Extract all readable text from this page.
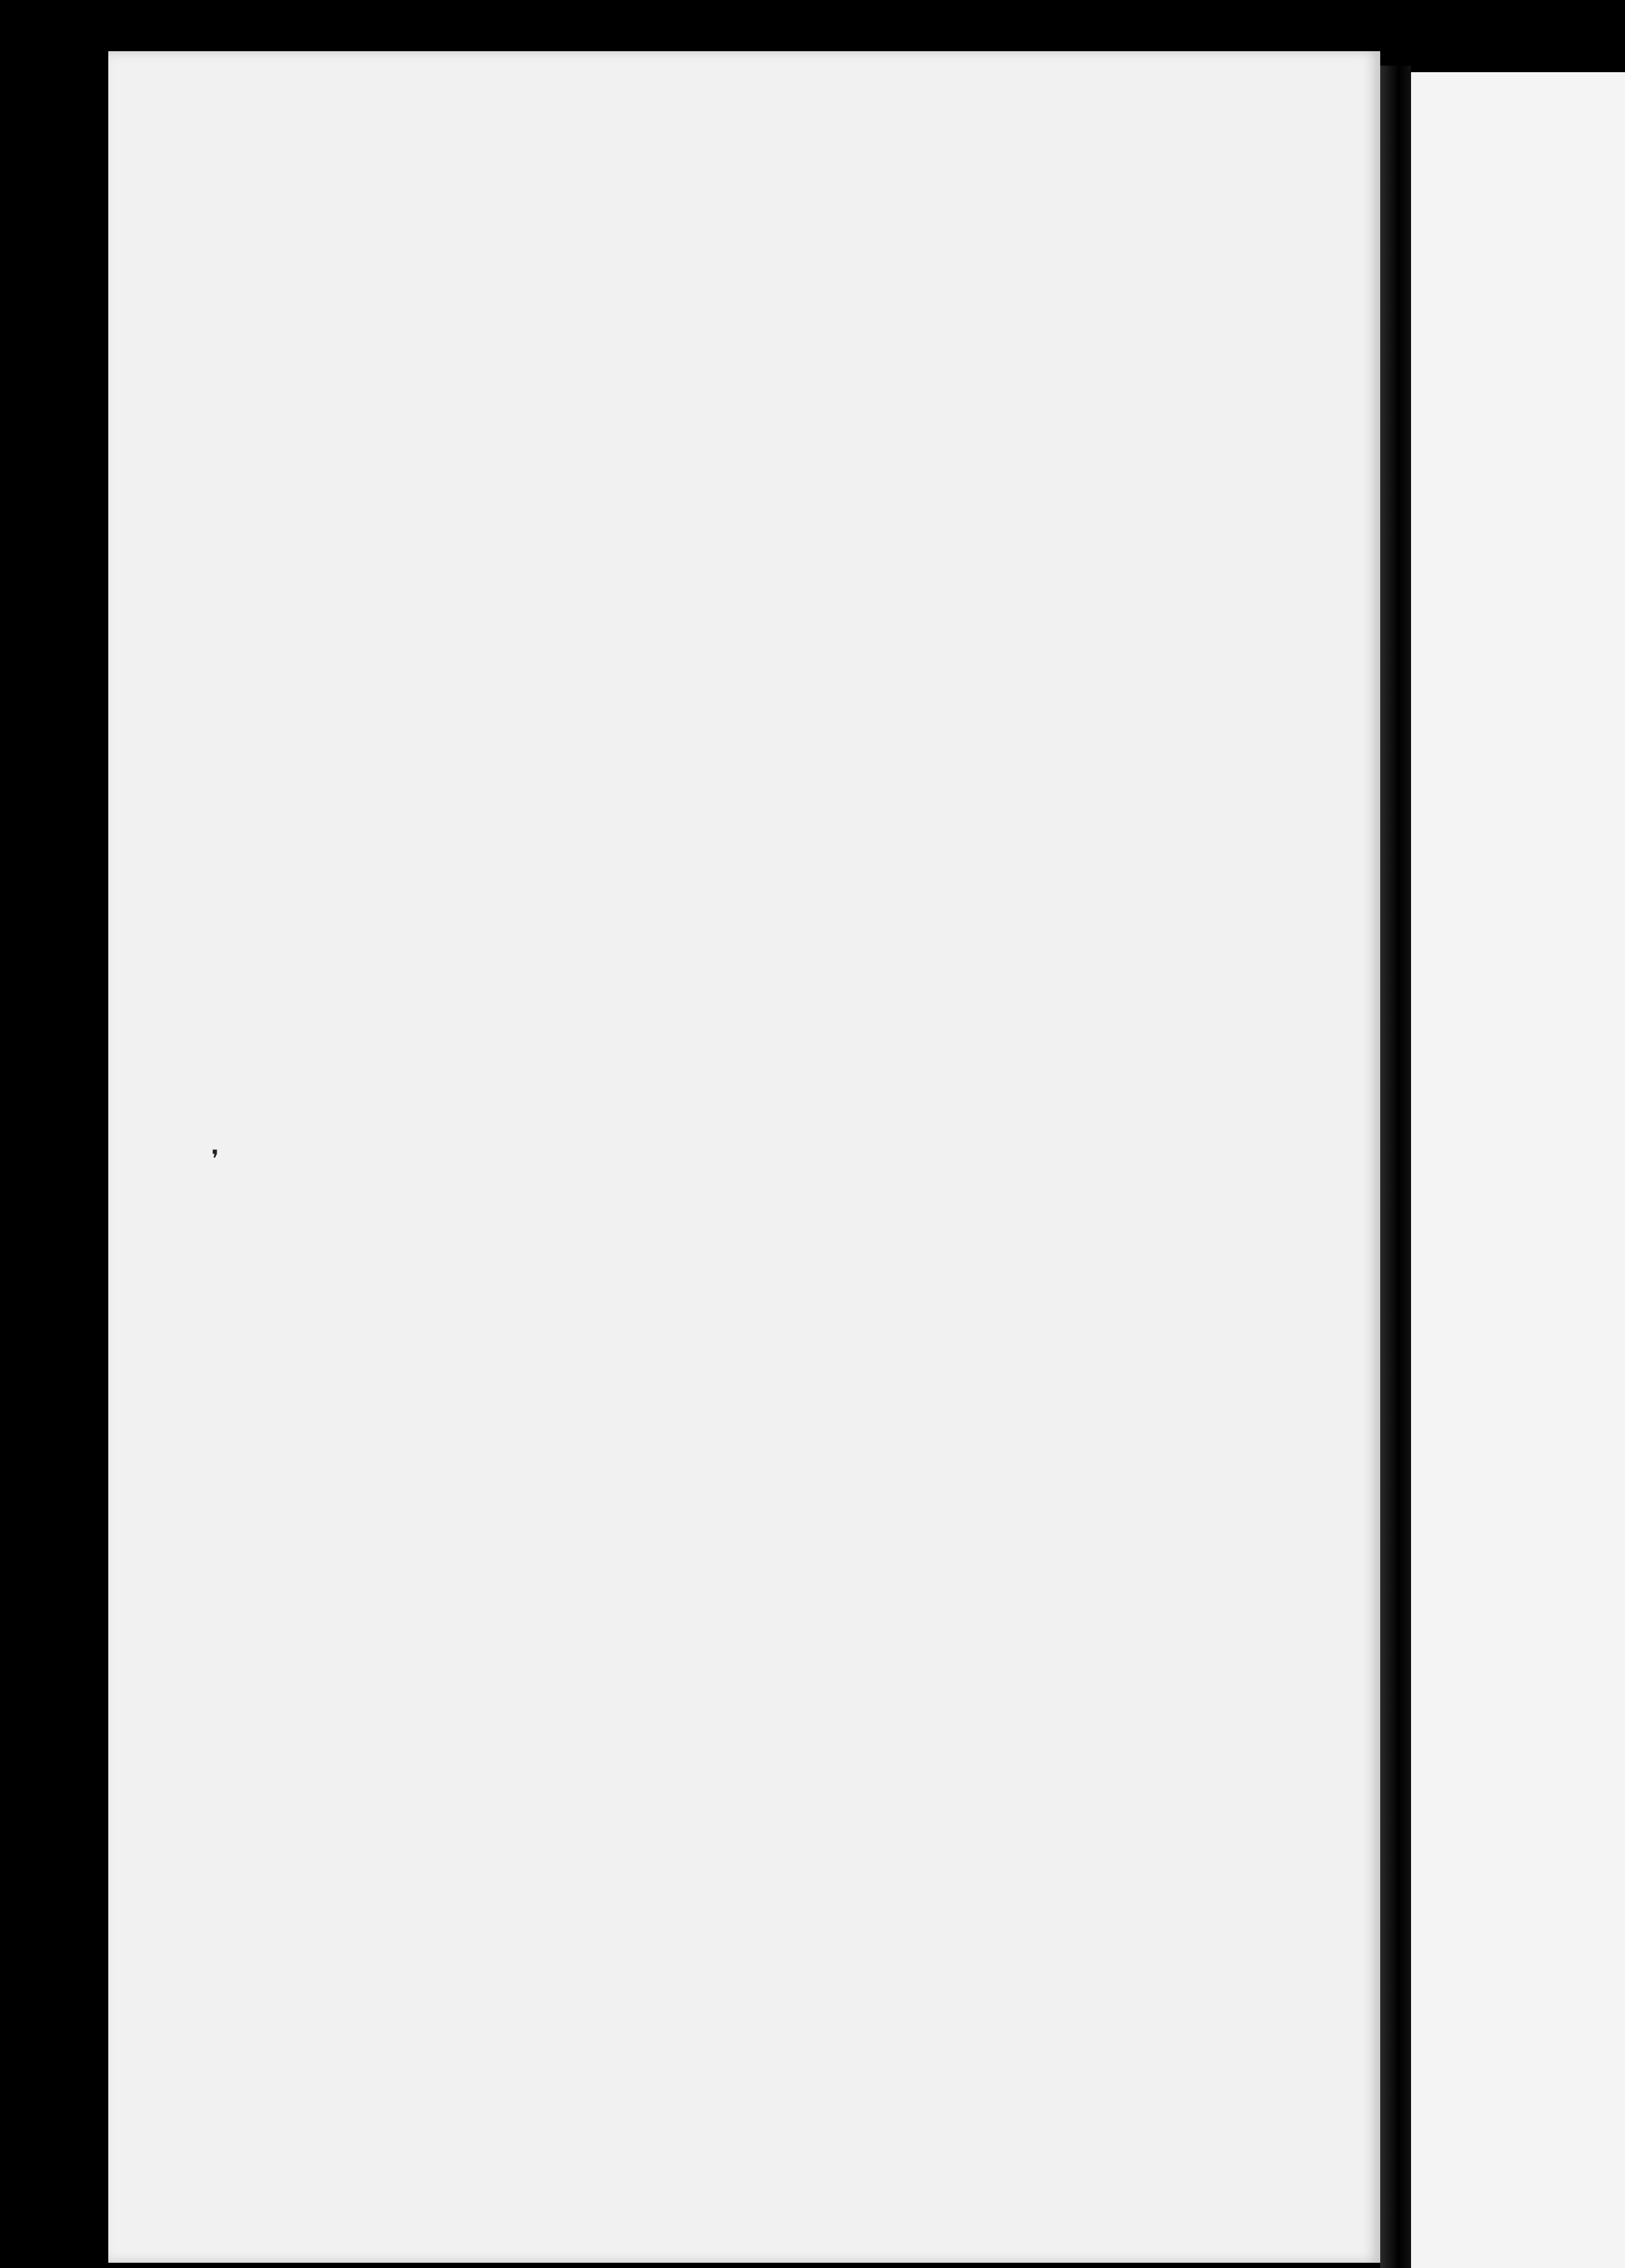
❜
